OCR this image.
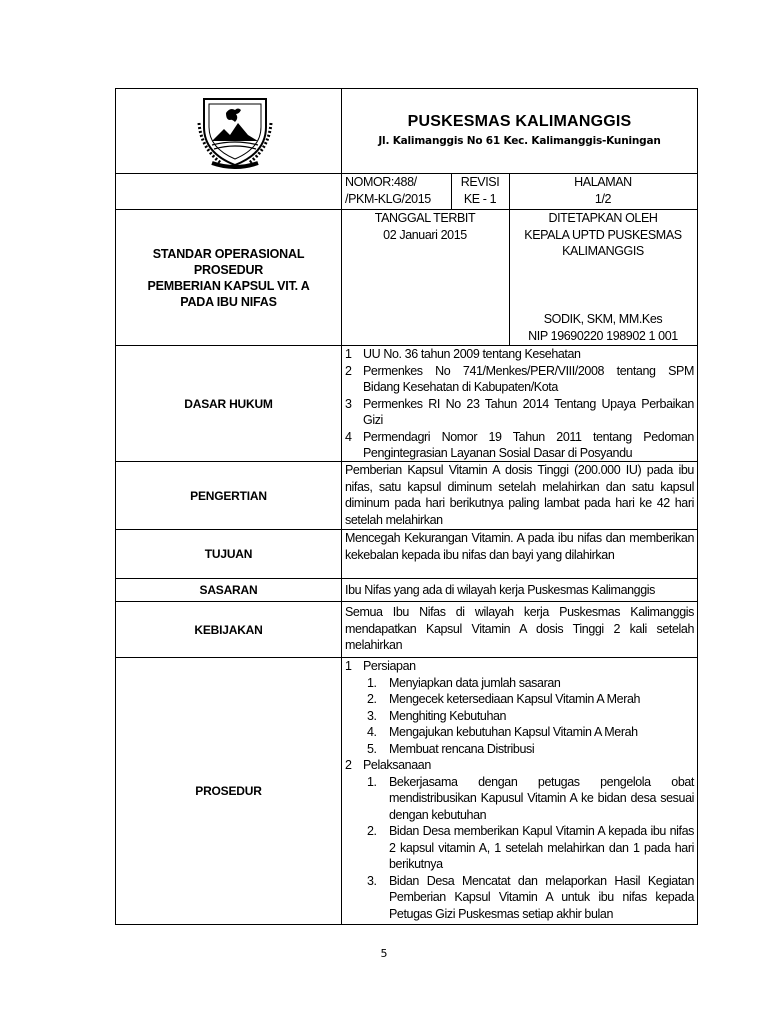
PUSKESMAS KALIMANGGIS
Jl. Kalimanggis No 61 Kec. Kalimanggis-Kuningan
NOMOR:488/
/PKM-KLG/2015
REVISI
KE - 1
HALAMAN
1/2
STANDAR OPERASIONAL
PROSEDUR
PEMBERIAN KAPSUL VIT. A
PADA IBU NIFAS
TANGGAL TERBIT
02 Januari 2015
DITETAPKAN OLEH
KEPALA UPTD PUSKESMAS
KALIMANGGIS
SODIK, SKM, MM.Kes
NIP 19690220 198902 1 001
DASAR HUKUM
1 UU No. 36 tahun 2009 tentang Kesehatan
2 Permenkes No 741/Menkes/PER/VIII/2008 tentang SPM Bidang Kesehatan di Kabupaten/Kota
3 Permenkes RI No 23 Tahun 2014 Tentang Upaya Perbaikan Gizi
4 Permendagri Nomor 19 Tahun 2011 tentang Pedoman Pengintegrasian Layanan Sosial Dasar di Posyandu
PENGERTIAN
Pemberian Kapsul Vitamin A dosis Tinggi (200.000 IU) pada ibu nifas, satu kapsul diminum setelah melahirkan dan satu kapsul diminum pada hari berikutnya paling lambat pada hari ke 42 hari setelah melahirkan
TUJUAN
Mencegah Kekurangan Vitamin. A pada ibu nifas dan memberikan kekebalan kepada ibu nifas dan bayi yang dilahirkan
SASARAN	Ibu Nifas yang ada di wilayah kerja Puskesmas Kalimanggis
KEBIJAKAN
Semua Ibu Nifas di wilayah kerja Puskesmas Kalimanggis mendapatkan Kapsul Vitamin A dosis Tinggi 2 kali setelah melahirkan
PROSEDUR
1 Persiapan
1. Menyiapkan data jumlah sasaran
2. Mengecek ketersediaan Kapsul Vitamin A Merah
3. Menghiting Kebutuhan
4. Mengajukan kebutuhan Kapsul Vitamin A Merah
5. Membuat rencana Distribusi
2 Pelaksanaan
1. Bekerjasama dengan petugas pengelola obat mendistribusikan Kapusul Vitamin A ke bidan desa sesuai dengan kebutuhan
2. Bidan Desa memberikan Kapul Vitamin A kepada ibu nifas 2 kapsul vitamin A, 1 setelah melahirkan dan 1 pada hari berikutnya
3. Bidan Desa Mencatat dan melaporkan Hasil Kegiatan Pemberian Kapsul Vitamin A untuk ibu nifas kepada Petugas Gizi Puskesmas setiap akhir bulan
5
